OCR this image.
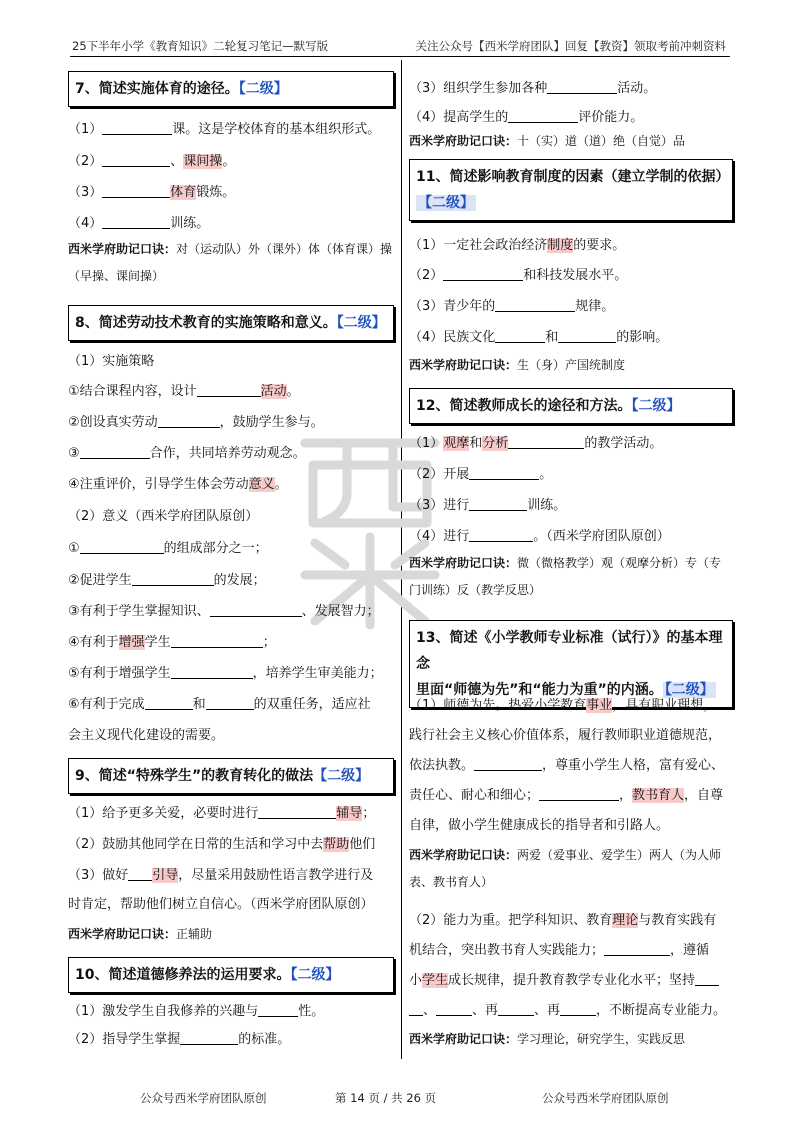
25下半年小学《教育知识》二轮复习笔记—默写版	关注公众号【西米学府团队】回复【教资】领取考前冲刺资料
7、简述实施体育的途径。【二级】
（1）	课。这是学校体育的基本组织形式。
（2）	、课间操。
（3）	体育锻炼。
（4）	训练。
西米学府助记口诀：对（运动队）外（课外）体（体育课）操（早操、课间操）
8、简述劳动技术教育的实施策略和意义。【二级】
（1）实施策略
①结合课程内容，设计	活动。
②创设真实劳动	，鼓励学生参与。
③	合作，共同培养劳动观念。
④注重评价，引导学生体会劳动意义。
（2）意义（西米学府团队原创）
①	的组成部分之一；
②促进学生	的发展；
③有利于学生掌握知识、	、发展智力；
④有利于增强学生	；
⑤有利于增强学生	，培养学生审美能力；
⑥有利于完成	和	的双重任务，适应社
会主义现代化建设的需要。
9、简述“特殊学生”的教育转化的做法【二级】
（1）给予更多关爱，必要时进行	辅导；
（2）鼓励其他同学在日常的生活和学习中去帮助他们
（3）做好 引导，尽量采用鼓励性语言教学进行及
时肯定，帮助他们树立自信心。（西米学府团队原创）
西米学府助记口诀：正辅助
10、简述道德修养法的运用要求。【二级】
（1）激发学生自我修养的兴趣与	性。
（2）指导学生掌握	的标准。
（3）组织学生参加各种	活动。
（4）提高学生的	评价能力。
西米学府助记口诀：十（实）道（道）绝（自觉）品
11、简述影响教育制度的因素（建立学制的依据）
【二级】
（1）一定社会政治经济制度的要求。
（2）	和科技发展水平。
（3）青少年的	规律。
（4）民族文化	和	的影响。
西米学府助记口诀：生（身）产国统制度
12、简述教师成长的途径和方法。【二级】
（1）观摩和分析	的教学活动。
（2）开展	。
（3）进行	训练。
（4）进行	。（西米学府团队原创）
西米学府助记口诀：微（微格教学）观（观摩分析）专（专门训练）反（教学反思）
13、简述《小学教师专业标准（试行）》的基本理念
里面“师德为先”和“能力为重”的内涵。 【二级】
（1）师德为先。热爱小学教育事业，具有职业理想，
践行社会主义核心价值体系，履行教师职业道德规范，
依法执教。	，尊重小学生人格，富有爱心、
责任心、耐心和细心；	，教书育人，自尊
自律，做小学生健康成长的指导者和引路人。
西米学府助记口诀：两爱（爱事业、爱学生）两人（为人师表、教书育人）
（2）能力为重。把学科知识、教育理论与教育实践有
机结合，突出教书育人实践能力；	，遵循
小学生成长规律，提升教育教学专业化水平；坚持
、	、再	、再	，不断提高专业能力。
西米学府助记口诀：学习理论，研究学生，实践反思
公众号西米学府团队原创	第 14 页 / 共 26 页	公众号西米学府团队原创
